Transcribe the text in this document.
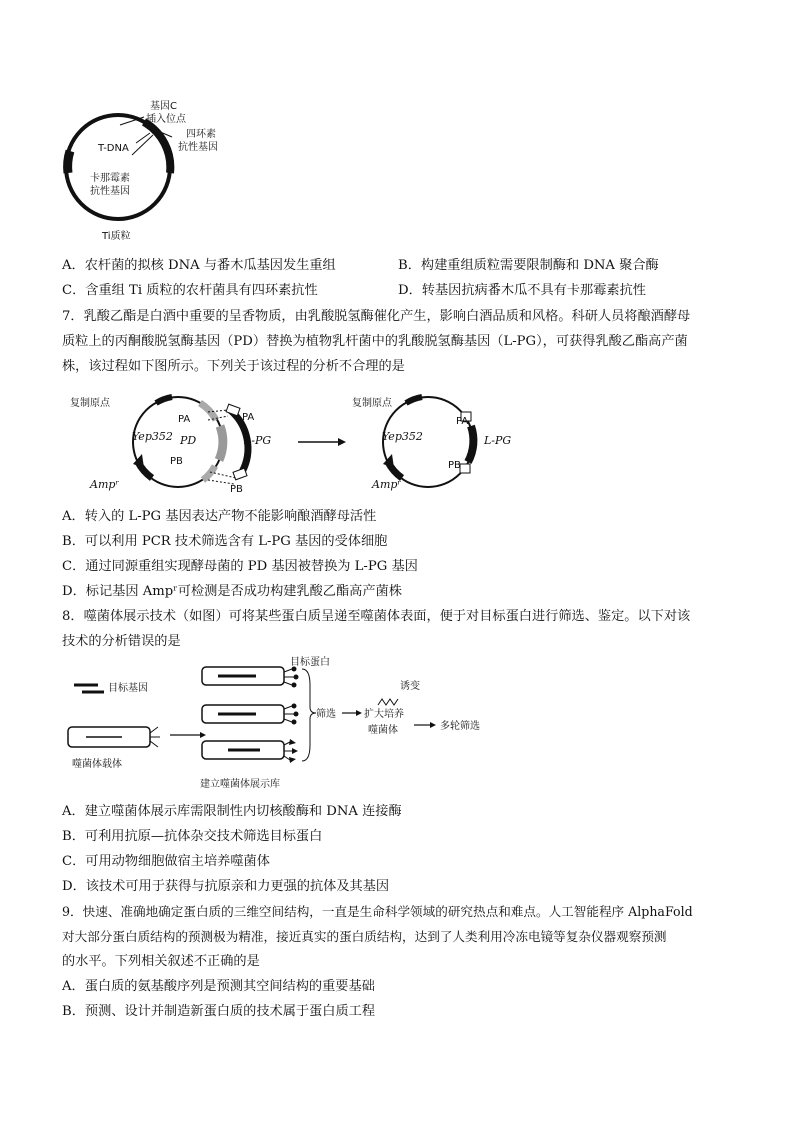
基因C
插入位点
四环素
抗性基因
T-DNA
卡那霉素
抗性基因
Ti质粒
A．农杆菌的拟核 DNA 与番木瓜基因发生重组	B．构建重组质粒需要限制酶和 DNA 聚合酶
C．含重组 Ti 质粒的农杆菌具有四环素抗性	D．转基因抗病番木瓜不具有卡那霉素抗性
7．乳酸乙酯是白酒中重要的呈香物质，由乳酸脱氢酶催化产生，影响白酒品质和风格。科研人员将酿酒酵母
质粒上的丙酮酸脱氢酶基因（PD）替换为植物乳杆菌中的乳酸脱氢酶基因（L-PG），可获得乳酸乙酯高产菌
株，该过程如下图所示。下列关于该过程的分析不合理的是
复制原点
Yep352
PA
PD
PB
PA
L-PG
PB
Ampʳ
复制原点
Yep352
PA
L-PG
PB
Ampʳ
A．转入的 L-PG 基因表达产物不能影响酿酒酵母活性
B．可以利用 PCR 技术筛选含有 L-PG 基因的受体细胞
C．通过同源重组实现酵母菌的 PD 基因被替换为 L-PG 基因
D．标记基因 Ampʳ可检测是否成功构建乳酸乙酯高产菌株
8．噬菌体展示技术（如图）可将某些蛋白质呈递至噬菌体表面，便于对目标蛋白进行筛选、鉴定。以下对该
技术的分析错误的是
目标基因
噬菌体载体
目标蛋白
建立噬菌体展示库
筛选	扩大培养
噬菌体
诱变
多轮筛选
A．建立噬菌体展示库需限制性内切核酸酶和 DNA 连接酶
B．可利用抗原—抗体杂交技术筛选目标蛋白
C．可用动物细胞做宿主培养噬菌体
D．该技术可用于获得与抗原亲和力更强的抗体及其基因
9．快速、准确地确定蛋白质的三维空间结构，一直是生命科学领域的研究热点和难点。人工智能程序 AlphaFold
对大部分蛋白质结构的预测极为精准，接近真实的蛋白质结构，达到了人类利用冷冻电镜等复杂仪器观察预测
的水平。下列相关叙述不正确的是
A．蛋白质的氨基酸序列是预测其空间结构的重要基础
B．预测、设计并制造新蛋白质的技术属于蛋白质工程
